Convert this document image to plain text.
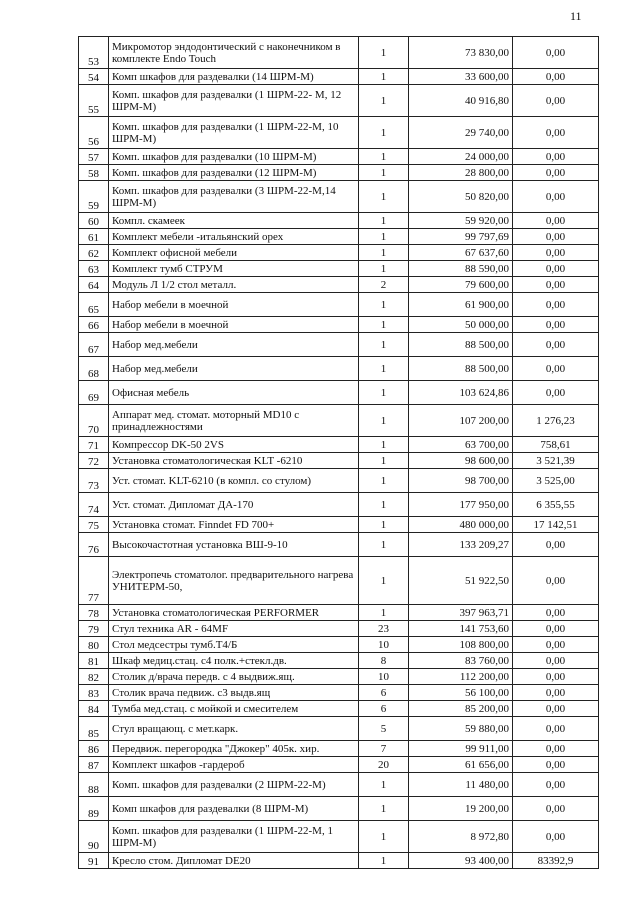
11
53	Микромотор эндодонтический с наконечником в комплекте Endo Touch	1	73 830,00	0,00
54	Комп шкафов для раздевалки (14 ШРМ-М)	1	33 600,00	0,00
55	Комп. шкафов для раздевалки (1 ШРМ-22- М, 12 ШРМ-М)	1	40 916,80	0,00
56	Комп. шкафов для раздевалки (1 ШРМ-22-М, 10 ШРМ-М)	1	29 740,00	0,00
57	Комп. шкафов для раздевалки (10 ШРМ-М)	1	24 000,00	0,00
58	Комп. шкафов для раздевалки (12 ШРМ-М)	1	28 800,00	0,00
59	Комп. шкафов для раздевалки (3 ШРМ-22-М,14 ШРМ-М)	1	50 820,00	0,00
60	Компл. скамеек	1	59 920,00	0,00
61	Комплект мебели -итальянский орех	1	99 797,69	0,00
62	Комплект офисной мебели	1	67 637,60	0,00
63	Комплект тумб СТРУМ	1	88 590,00	0,00
64	Модуль Л 1/2 стол металл.	2	79 600,00	0,00
65	Набор мебели в моечной	1	61 900,00	0,00
66	Набор мебели в моечной	1	50 000,00	0,00
67	Набор мед.мебели	1	88 500,00	0,00
68	Набор мед.мебели	1	88 500,00	0,00
69	Офисная мебель	1	103 624,86	0,00
70	Аппарат мед. стомат. моторный MD10 с принадлежностями	1	107 200,00	1 276,23
71	Компрессор DK-50 2VS	1	63 700,00	758,61
72	Установка стоматологическая KLT -6210	1	98 600,00	3 521,39
73	Уст. стомат. KLT-6210 (в компл. со стулом)	1	98 700,00	3 525,00
74	Уст. стомат. Дипломат ДА-170	1	177 950,00	6 355,55
75	Установка стомат. Finndet FD 700+	1	480 000,00	17 142,51
76	Высокочастотная установка ВШ-9-10	1	133 209,27	0,00
77	Электропечь стоматолог. предварительного нагрева УНИТЕРМ-50,	1	51 922,50	0,00
78	Установка стоматологическая PERFORMER	1	397 963,71	0,00
79	Стул техника AR - 64MF	23	141 753,60	0,00
80	Стол медсестры тумб.Т4/Б	10	108 800,00	0,00
81	Шкаф медиц.стац. с4 полк.+стекл.дв.	8	83 760,00	0,00
82	Столик д/врача передв. с 4 выдвиж.ящ.	10	112 200,00	0,00
83	Столик врача педвиж. с3 выдв.ящ	6	56 100,00	0,00
84	Тумба мед.стац. с мойкой и смесителем	6	85 200,00	0,00
85	Стул вращающ. с мет.карк.	5	59 880,00	0,00
86	Передвиж. перегородка "Джокер" 405к. хир.	7	99 911,00	0,00
87	Комплект шкафов -гардероб	20	61 656,00	0,00
88	Комп. шкафов для раздевалки (2 ШРМ-22-М)	1	11 480,00	0,00
89	Комп шкафов для раздевалки (8 ШРМ-М)	1	19 200,00	0,00
90	Комп. шкафов для раздевалки (1 ШРМ-22-М, 1 ШРМ-М)	1	8 972,80	0,00
91	Кресло стом. Дипломат DE20	1	93 400,00	83392,9
